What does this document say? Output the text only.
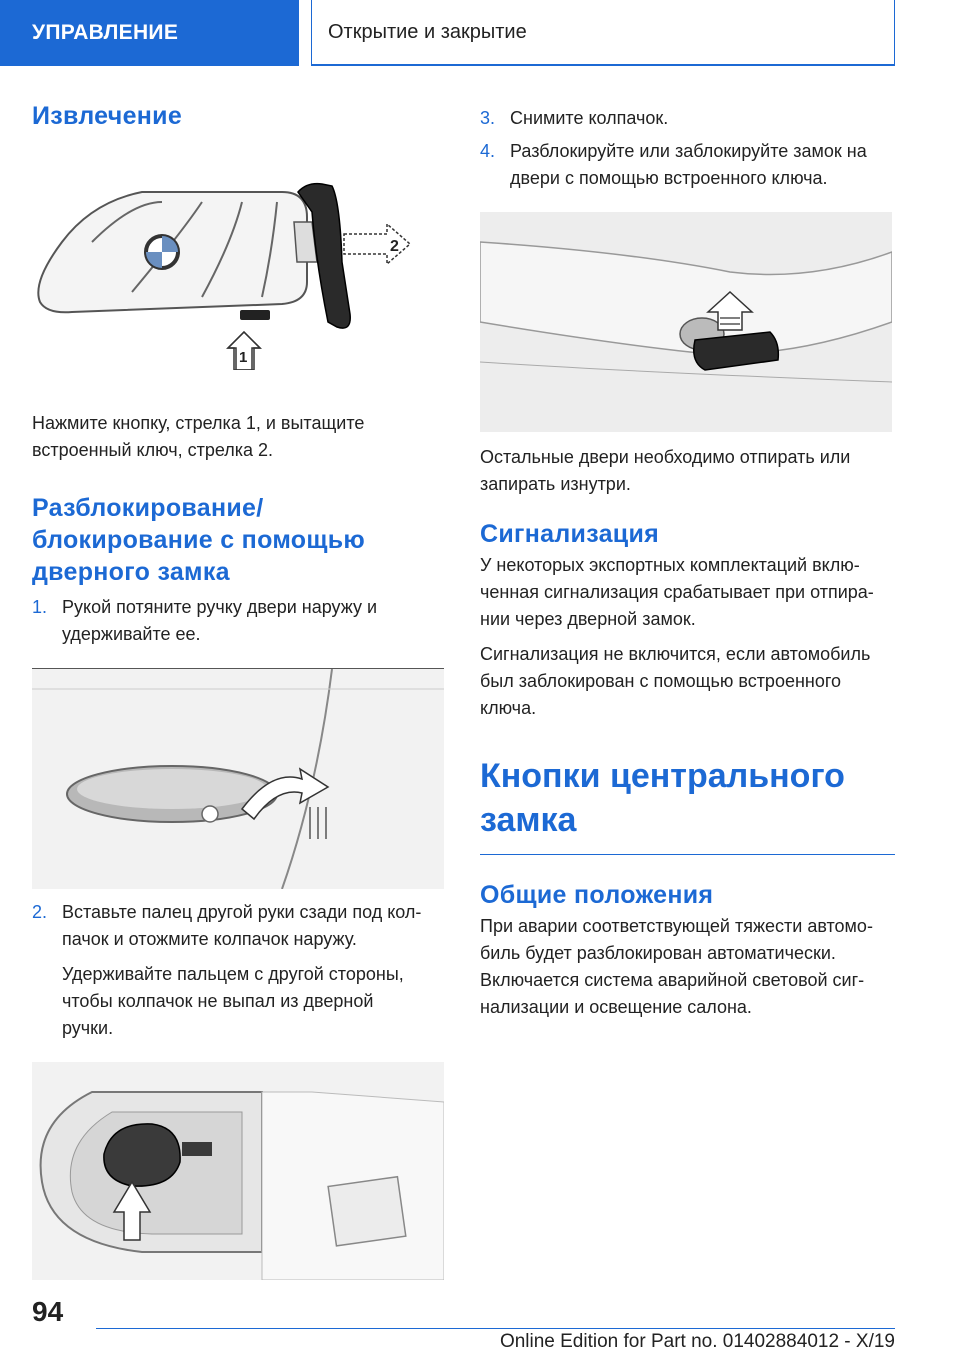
УПРАВЛЕНИЕ	Открытие и закрытие
Извлечение
2
1

Нажмите кнопку, стрелка 1, и вытащите
встроенный ключ, стрелка 2.

Разблокирование/
блокирование с помощью
дверного замка
1. Рукой потяните ручку двери наружу и
удерживайте ее.
2. Вставьте палец другой руки сзади под кол‐
пачок и отожмите колпачок наружу.
Удерживайте пальцем с другой стороны,
чтобы колпачок не выпал из дверной
ручки.
3. Снимите колпачок.
4. Разблокируйте или заблокируйте замок на
двери с помощью встроенного ключа.

Остальные двери необходимо отпирать или
запирать изнутри.

Сигнализация

У некоторых экспортных комплектаций вклю‐
ченная сигнализация срабатывает при отпира‐
нии через дверной замок.

Сигнализация не включится, если автомобиль
был заблокирован с помощью встроенного
ключа.

Кнопки центрального
замка
Общие положения

При аварии соответствующей тяжести автомо‐
биль будет разблокирован автоматически.
Включается система аварийной световой сиг‐
нализации и освещение салона.

94
Online Edition for Part no. 01402884012 - X/19
